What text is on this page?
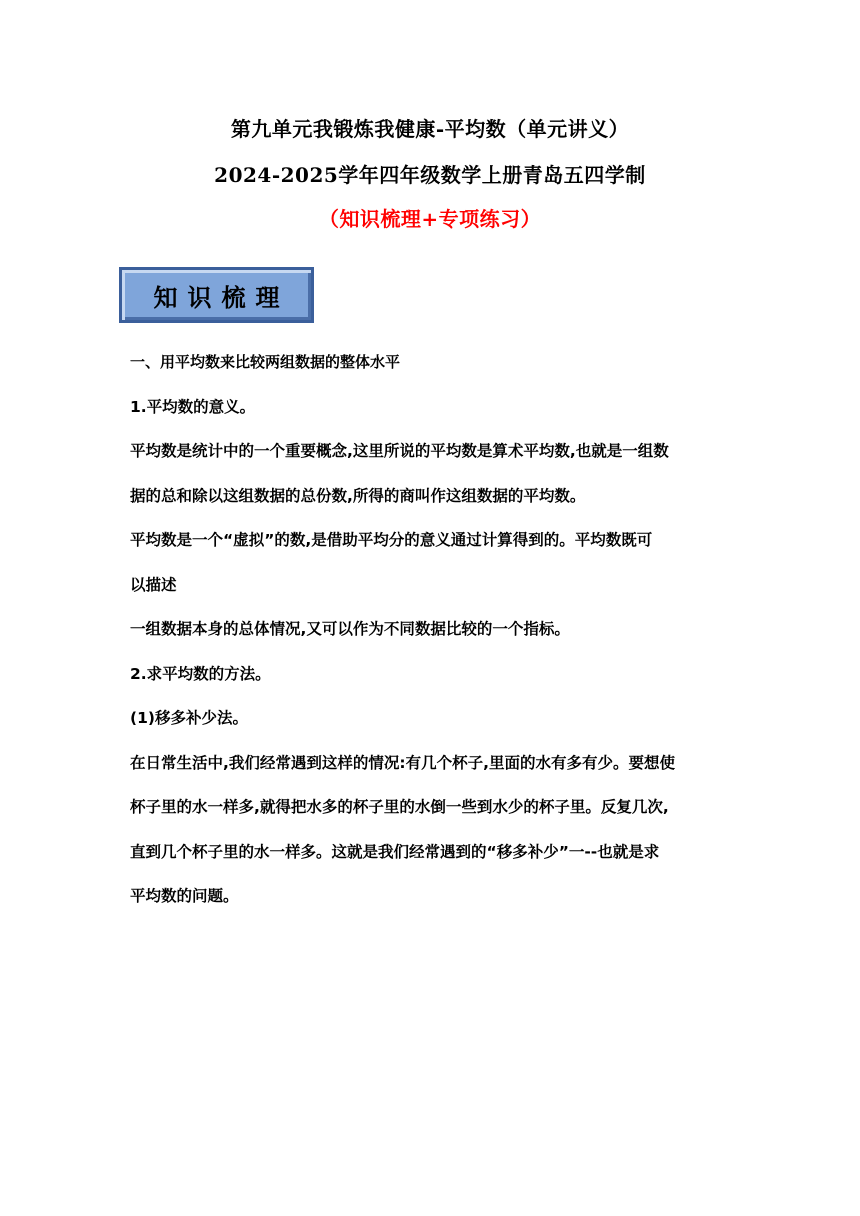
第九单元我锻炼我健康-平均数（单元讲义）
2024-2025学年四年级数学上册青岛五四学制
（知识梳理+专项练习）
知识梳理

一、用平均数来比较两组数据的整体水平

1.平均数的意义。

平均数是统计中的一个重要概念,这里所说的平均数是算术平均数,也就是一组数

据的总和除以这组数据的总份数,所得的商叫作这组数据的平均数。

平均数是一个“虚拟”的数,是借助平均分的意义通过计算得到的。平均数既可

以描述

一组数据本身的总体情况,又可以作为不同数据比较的一个指标。

2.求平均数的方法。

(1)移多补少法。

在日常生活中,我们经常遇到这样的情况:有几个杯子,里面的水有多有少。要想使

杯子里的水一样多,就得把水多的杯子里的水倒一些到水少的杯子里。反复几次,

直到几个杯子里的水一样多。这就是我们经常遇到的“移多补少”一--也就是求

平均数的问题。
